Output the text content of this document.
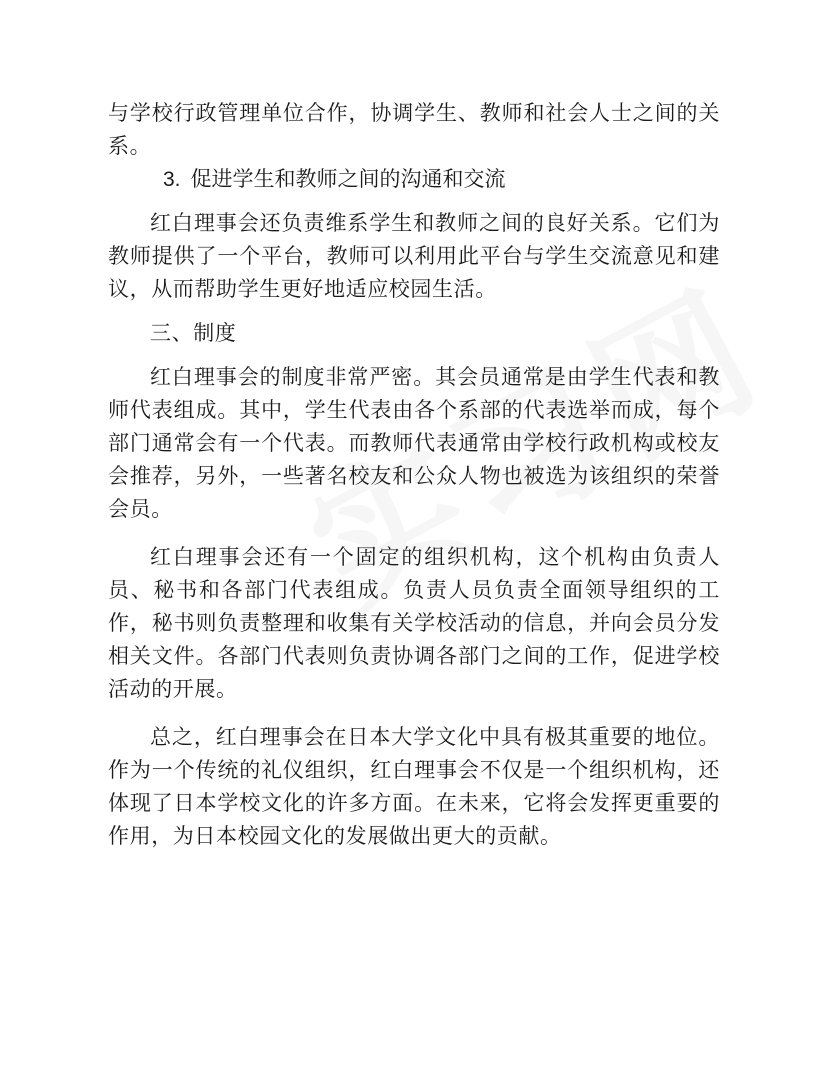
与学校行政管理单位合作，协调学生、教师和社会人士之间的关系。

3. 促进学生和教师之间的沟通和交流

红白理事会还负责维系学生和教师之间的良好关系。它们为教师提供了一个平台，教师可以利用此平台与学生交流意见和建议，从而帮助学生更好地适应校园生活。

三、制度

红白理事会的制度非常严密。其会员通常是由学生代表和教师代表组成。其中，学生代表由各个系部的代表选举而成，每个部门通常会有一个代表。而教师代表通常由学校行政机构或校友会推荐，另外，一些著名校友和公众人物也被选为该组织的荣誉会员。

红白理事会还有一个固定的组织机构，这个机构由负责人员、秘书和各部门代表组成。负责人员负责全面领导组织的工作，秘书则负责整理和收集有关学校活动的信息，并向会员分发相关文件。各部门代表则负责协调各部门之间的工作，促进学校活动的开展。

总之，红白理事会在日本大学文化中具有极其重要的地位。作为一个传统的礼仪组织，红白理事会不仅是一个组织机构，还体现了日本学校文化的许多方面。在未来，它将会发挥更重要的作用，为日本校园文化的发展做出更大的贡献。
